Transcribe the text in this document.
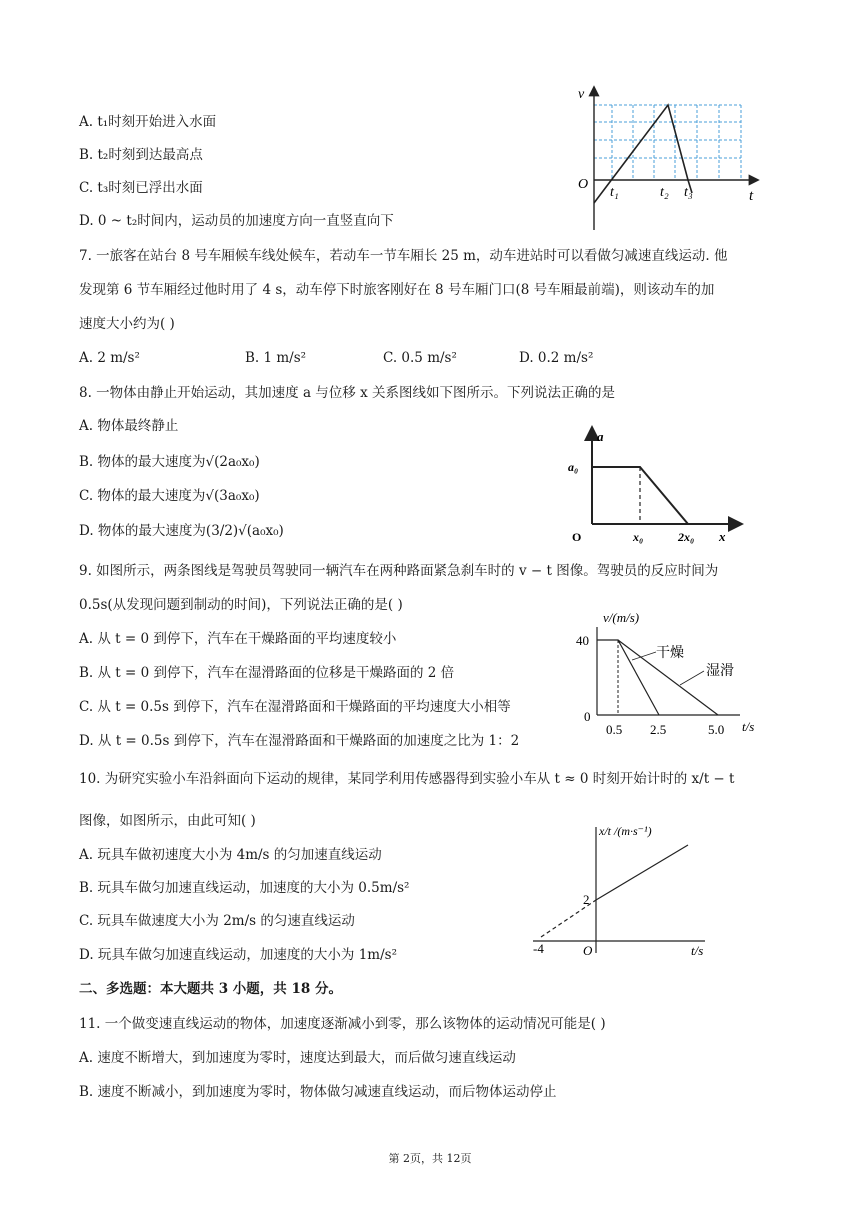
A. t₁时刻开始进入水面
B. t₂时刻到达最高点
C. t₃时刻已浮出水面
D. 0 ~ t₂时间内，运动员的加速度方向一直竖直向下
v
O
t₁	t₂ t₃	t
7. 一旅客在站台 8 号车厢候车线处候车，若动车一节车厢长 25 m，动车进站时可以看做匀减速直线运动. 他
发现第 6 节车厢经过他时用了 4 s，动车停下时旅客刚好在 8 号车厢门口(8 号车厢最前端)，则该动车的加
速度大小约为( )
A. 2 m/s²	B. 1 m/s²	C. 0.5 m/s²	D. 0.2 m/s²
8. 一物体由静止开始运动，其加速度 a 与位移 x 关系图线如下图所示。下列说法正确的是
A. 物体最终静止
B. 物体的最大速度为√(2a₀x₀)
C. 物体的最大速度为√(3a₀x₀)
D. 物体的最大速度为(3/2)√(a₀x₀)
a
a₀
O	x₀	2x₀ x
9. 如图所示，两条图线是驾驶员驾驶同一辆汽车在两种路面紧急刹车时的 v − t 图像。驾驶员的反应时间为
0.5s(从发现问题到制动的时间)，下列说法正确的是( )
A. 从 t = 0 到停下，汽车在干燥路面的平均速度较小
B. 从 t = 0 到停下，汽车在湿滑路面的位移是干燥路面的 2 倍
C. 从 t = 0.5s 到停下，汽车在湿滑路面和干燥路面的平均速度大小相等
D. 从 t = 0.5s 到停下，汽车在湿滑路面和干燥路面的加速度之比为 1：2
v/(m/s)
40
0
0.5 2.5	5.0 t/s
干燥
湿滑
10. 为研究实验小车沿斜面向下运动的规律，某同学利用传感器得到实验小车从 t ≈ 0 时刻开始计时的 x/t − t
图像，如图所示，由此可知( )
A. 玩具车做初速度大小为 4m/s 的匀加速直线运动
B. 玩具车做匀加速直线运动，加速度的大小为 0.5m/s²
C. 玩具车做速度大小为 2m/s 的匀速直线运动
D. 玩具车做匀加速直线运动，加速度的大小为 1m/s²
x/t /(m·s⁻¹)
2
-4	O	t/s
二、多选题：本大题共 3 小题，共 18 分。
11. 一个做变速直线运动的物体，加速度逐渐减小到零，那么该物体的运动情况可能是( )
A. 速度不断增大，到加速度为零时，速度达到最大，而后做匀速直线运动
B. 速度不断减小，到加速度为零时，物体做匀减速直线运动，而后物体运动停止
第 2页，共 12页
